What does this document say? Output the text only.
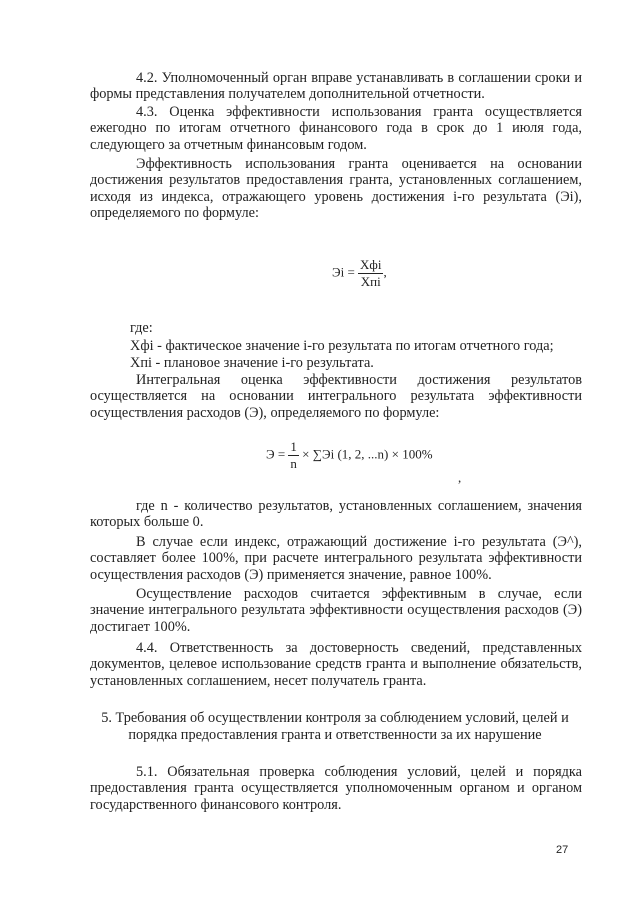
4.2. Уполномоченный орган вправе устанавливать в соглашении сроки и формы представления получателем дополнительной отчетности.
4.3. Оценка эффективности использования гранта осуществляется ежегодно по итогам отчетного финансового года в срок до 1 июля года, следующего за отчетным финансовым годом.
Эффективность использования гранта оценивается на основании достижения результатов предоставления гранта, установленных соглашением, исходя из индекса, отражающего уровень достижения i-го результата (Эi), определяемого по формуле:
Эi = $\frac{\text{Xфi}}{\text{Xпi}}$ ,
где:
Xфi - фактическое значение i-го результата по итогам отчетного года;
Xпi - плановое значение i-го результата.
Интегральная оценка эффективности достижения результатов осуществляется на основании интегрального результата эффективности осуществления расходов (Э), определяемого по формуле:
$Э = \frac{1}{n} \times \sum Эi$ (1, 2, ...n) × 100%
,
где n - количество результатов, установленных соглашением, значения которых больше 0.
В случае если индекс, отражающий достижение i-го результата (Э^), составляет более 100%, при расчете интегрального результата эффективности осуществления расходов (Э) применяется значение, равное 100%.
Осуществление расходов считается эффективным в случае, если значение интегрального результата эффективности осуществления расходов (Э) достигает 100%.
4.4. Ответственность за достоверность сведений, представленных документов, целевое использование средств гранта и выполнение обязательств, установленных соглашением, несет получатель гранта.
5. Требования об осуществлении контроля за соблюдением условий, целей и порядка предоставления гранта и ответственности за их нарушение
5.1. Обязательная проверка соблюдения условий, целей и порядка предоставления гранта осуществляется уполномоченным органом и органом государственного финансового контроля.
27
